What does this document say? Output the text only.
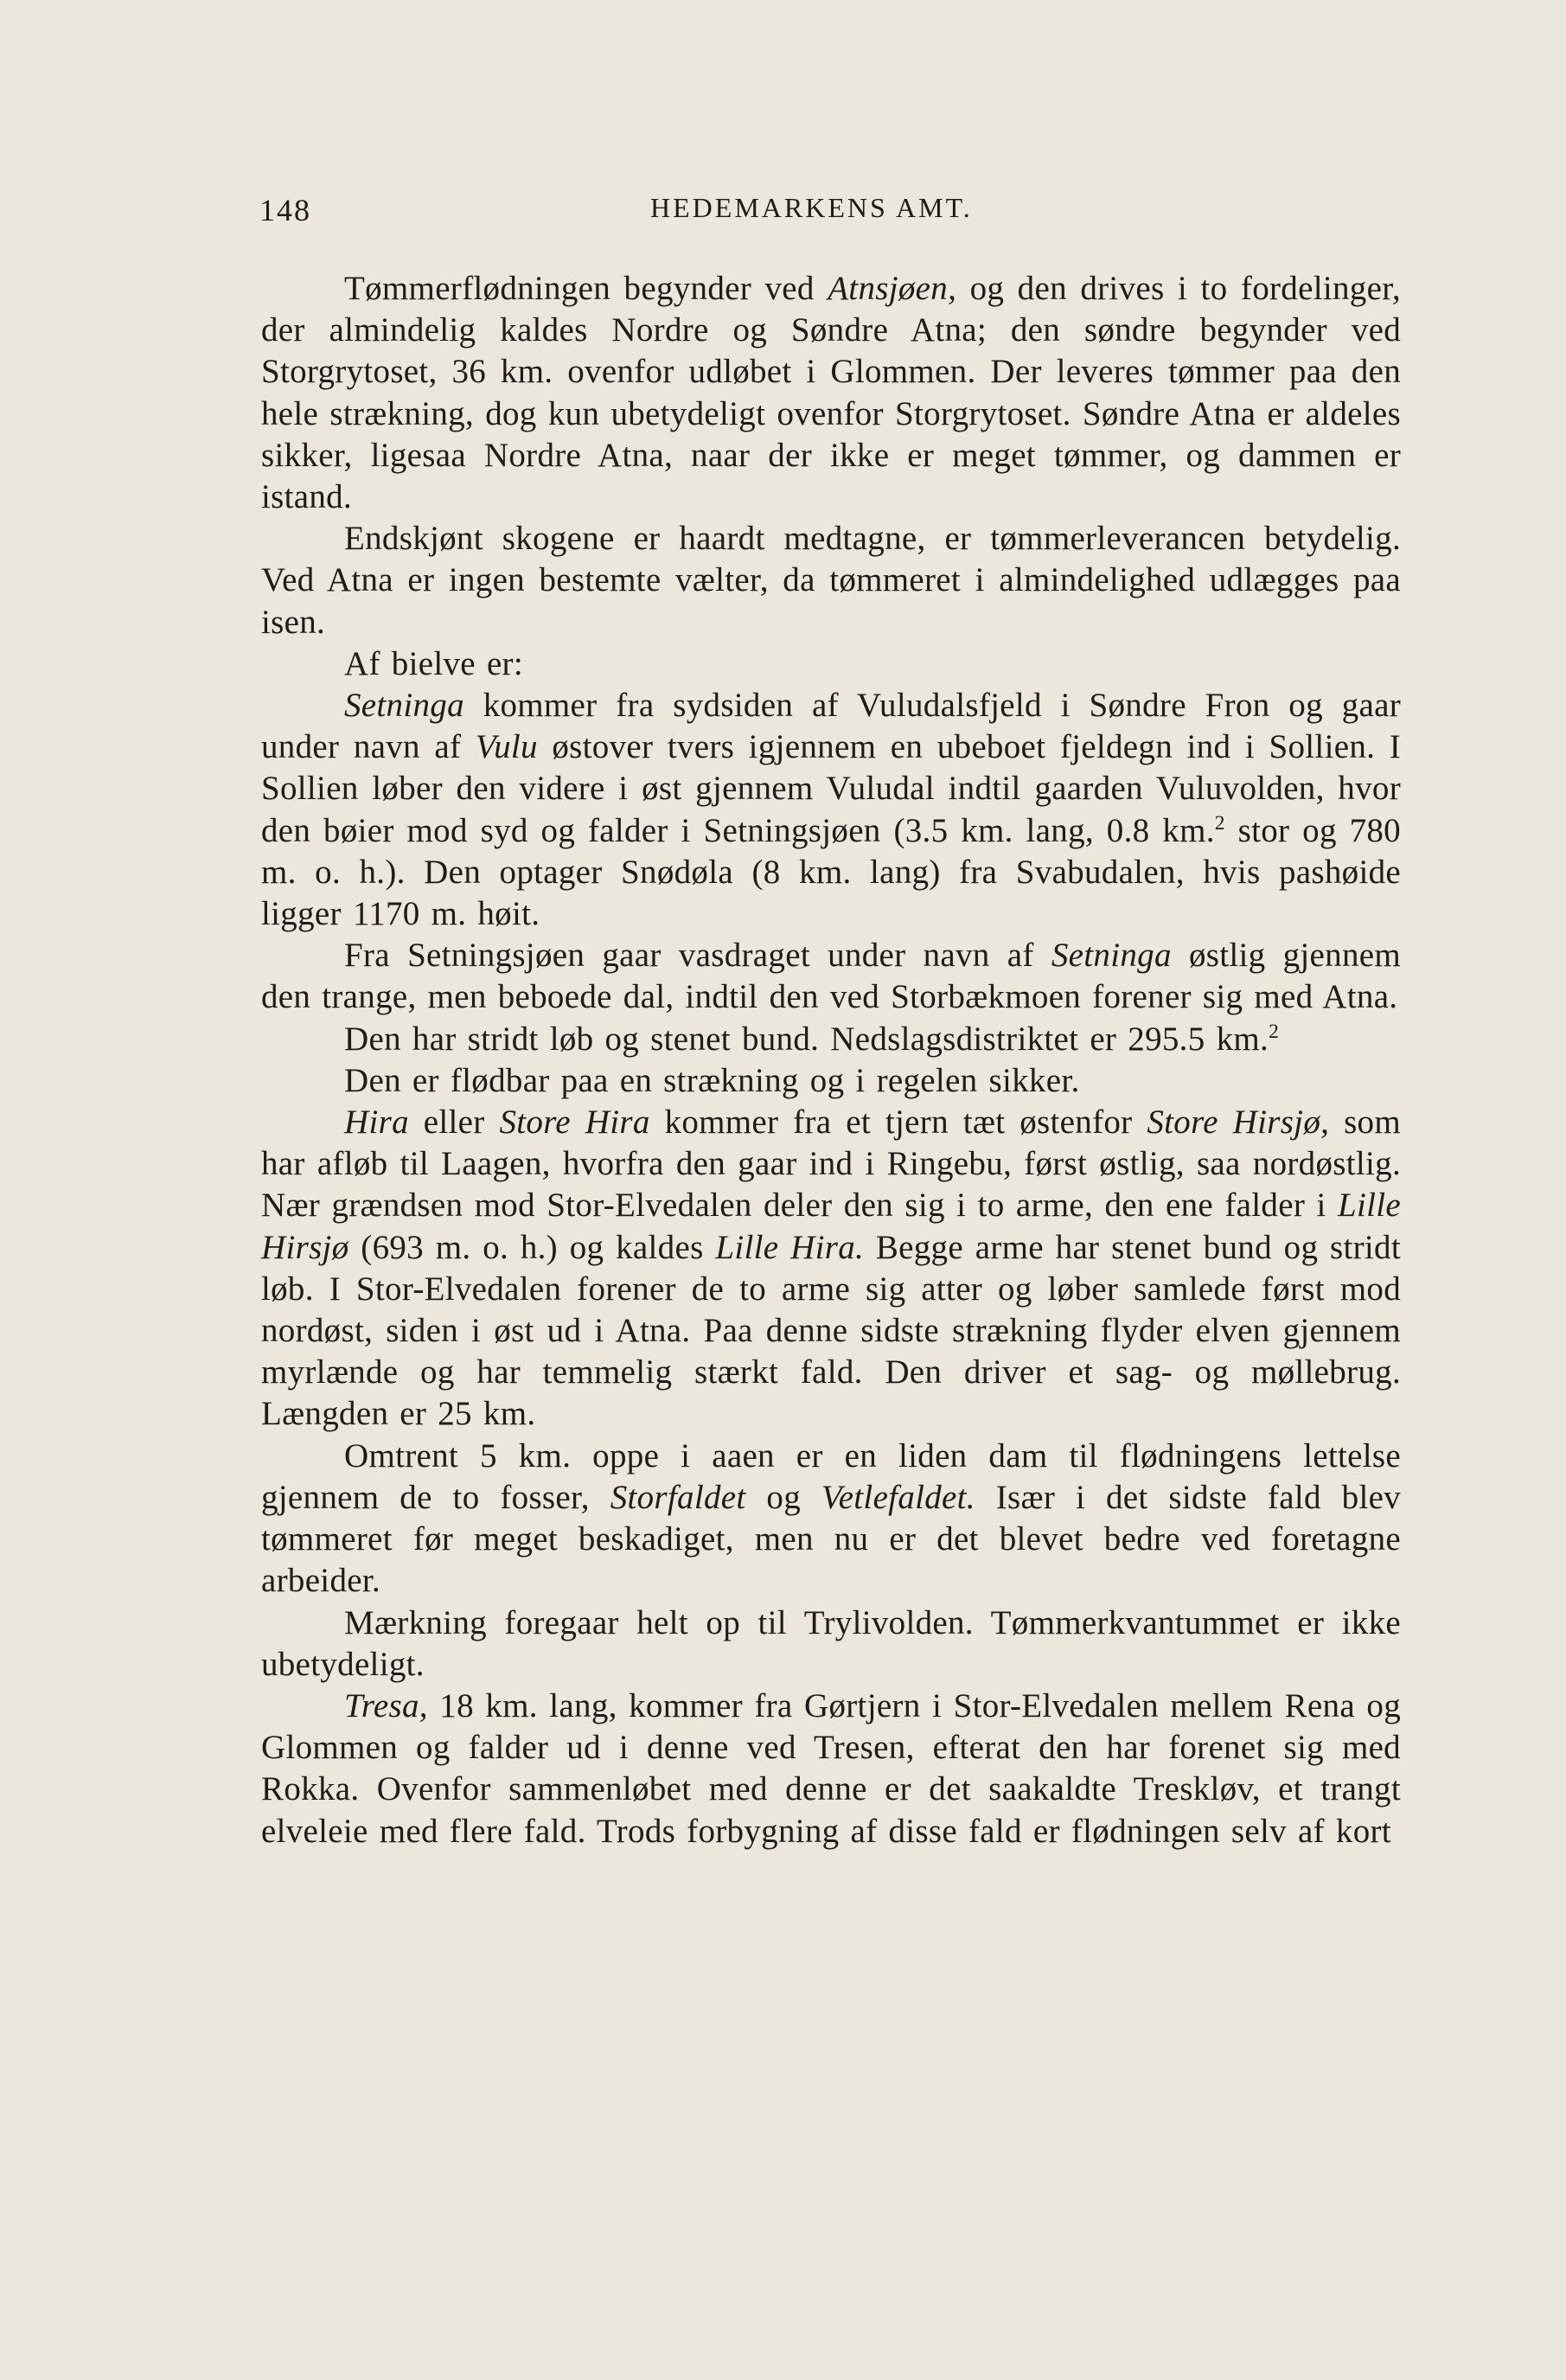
148	HEDEMARKENS AMT.

Tømmerflødningen begynder ved Atnsjøen, og den drives i to fordelinger, der almindelig kaldes Nordre og Søndre Atna; den søndre begynder ved Storgrytoset, 36 km. ovenfor udløbet i Glommen. Der leveres tømmer paa den hele strækning, dog kun ubetydeligt ovenfor Storgrytoset. Søndre Atna er aldeles sikker, ligesaa Nordre Atna, naar der ikke er meget tømmer, og dammen er istand.

Endskjønt skogene er haardt medtagne, er tømmerleverancen betydelig. Ved Atna er ingen bestemte vælter, da tømmeret i almindelighed udlægges paa isen.

Af bielve er:

Setninga kommer fra sydsiden af Vuludalsfjeld i Søndre Fron og gaar under navn af Vulu østover tvers igjennem en ubeboet fjeldegn ind i Sollien. I Sollien løber den videre i øst gjennem Vuludal indtil gaarden Vuluvolden, hvor den bøier mod syd og falder i Setningsjøen (3.5 km. lang, 0.8 km.$^2$ stor og 780 m. o. h.). Den optager Snødøla (8 km. lang) fra Svabudalen, hvis pashøide ligger 1170 m. høit.

Fra Setningsjøen gaar vasdraget under navn af Setninga østlig gjennem den trange, men beboede dal, indtil den ved Storbækmoen forener sig med Atna.

Den har stridt løb og stenet bund. Nedslagsdistriktet er 295.5 km.$^2$

Den er flødbar paa en strækning og i regelen sikker.

Hira eller Store Hira kommer fra et tjern tæt østenfor Store Hirsjø, som har afløb til Laagen, hvorfra den gaar ind i Ringebu, først østlig, saa nordøstlig. Nær grændsen mod Stor-Elvedalen deler den sig i to arme, den ene falder i Lille Hirsjø (693 m. o. h.) og kaldes Lille Hira. Begge arme har stenet bund og stridt løb. I Stor-Elvedalen forener de to arme sig atter og løber samlede først mod nordøst, siden i øst ud i Atna. Paa denne sidste strækning flyder elven gjennem myrlænde og har temmelig stærkt fald. Den driver et sag- og møllebrug. Længden er 25 km.

Omtrent 5 km. oppe i aaen er en liden dam til flødningens lettelse gjennem de to fosser, Storfaldet og Vetlefaldet. Især i det sidste fald blev tømmeret før meget beskadiget, men nu er det blevet bedre ved foretagne arbeider.

Mærkning foregaar helt op til Trylivolden. Tømmerkvantummet er ikke ubetydeligt.

Tresa, 18 km. lang, kommer fra Gørtjern i Stor-Elvedalen mellem Rena og Glommen og falder ud i denne ved Tresen, efterat den har forenet sig med Rokka. Ovenfor sammenløbet med denne er det saakaldte Treskløv, et trangt elveleie med flere fald. Trods forbygning af disse fald er flødningen selv af kort
